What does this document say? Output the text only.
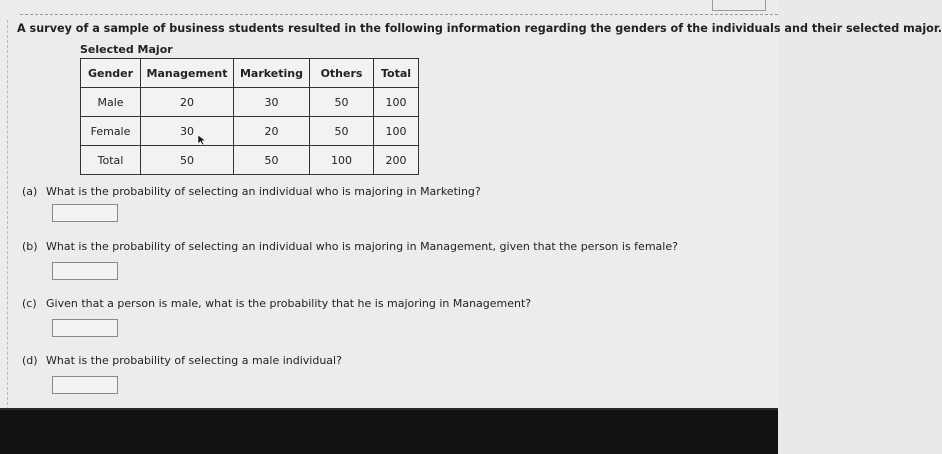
A survey of a sample of business students resulted in the following information regarding the genders of the individuals and their selected major.
Selected Major
Gender	Management	Marketing	Others	Total
Male	20	30	50	100
Female	30	20	50	100
Total	50	50	100	200
(a) What is the probability of selecting an individual who is majoring in Marketing?
(b) What is the probability of selecting an individual who is majoring in Management, given that the person is female?
(c) Given that a person is male, what is the probability that he is majoring in Management?
(d) What is the probability of selecting a male individual?
